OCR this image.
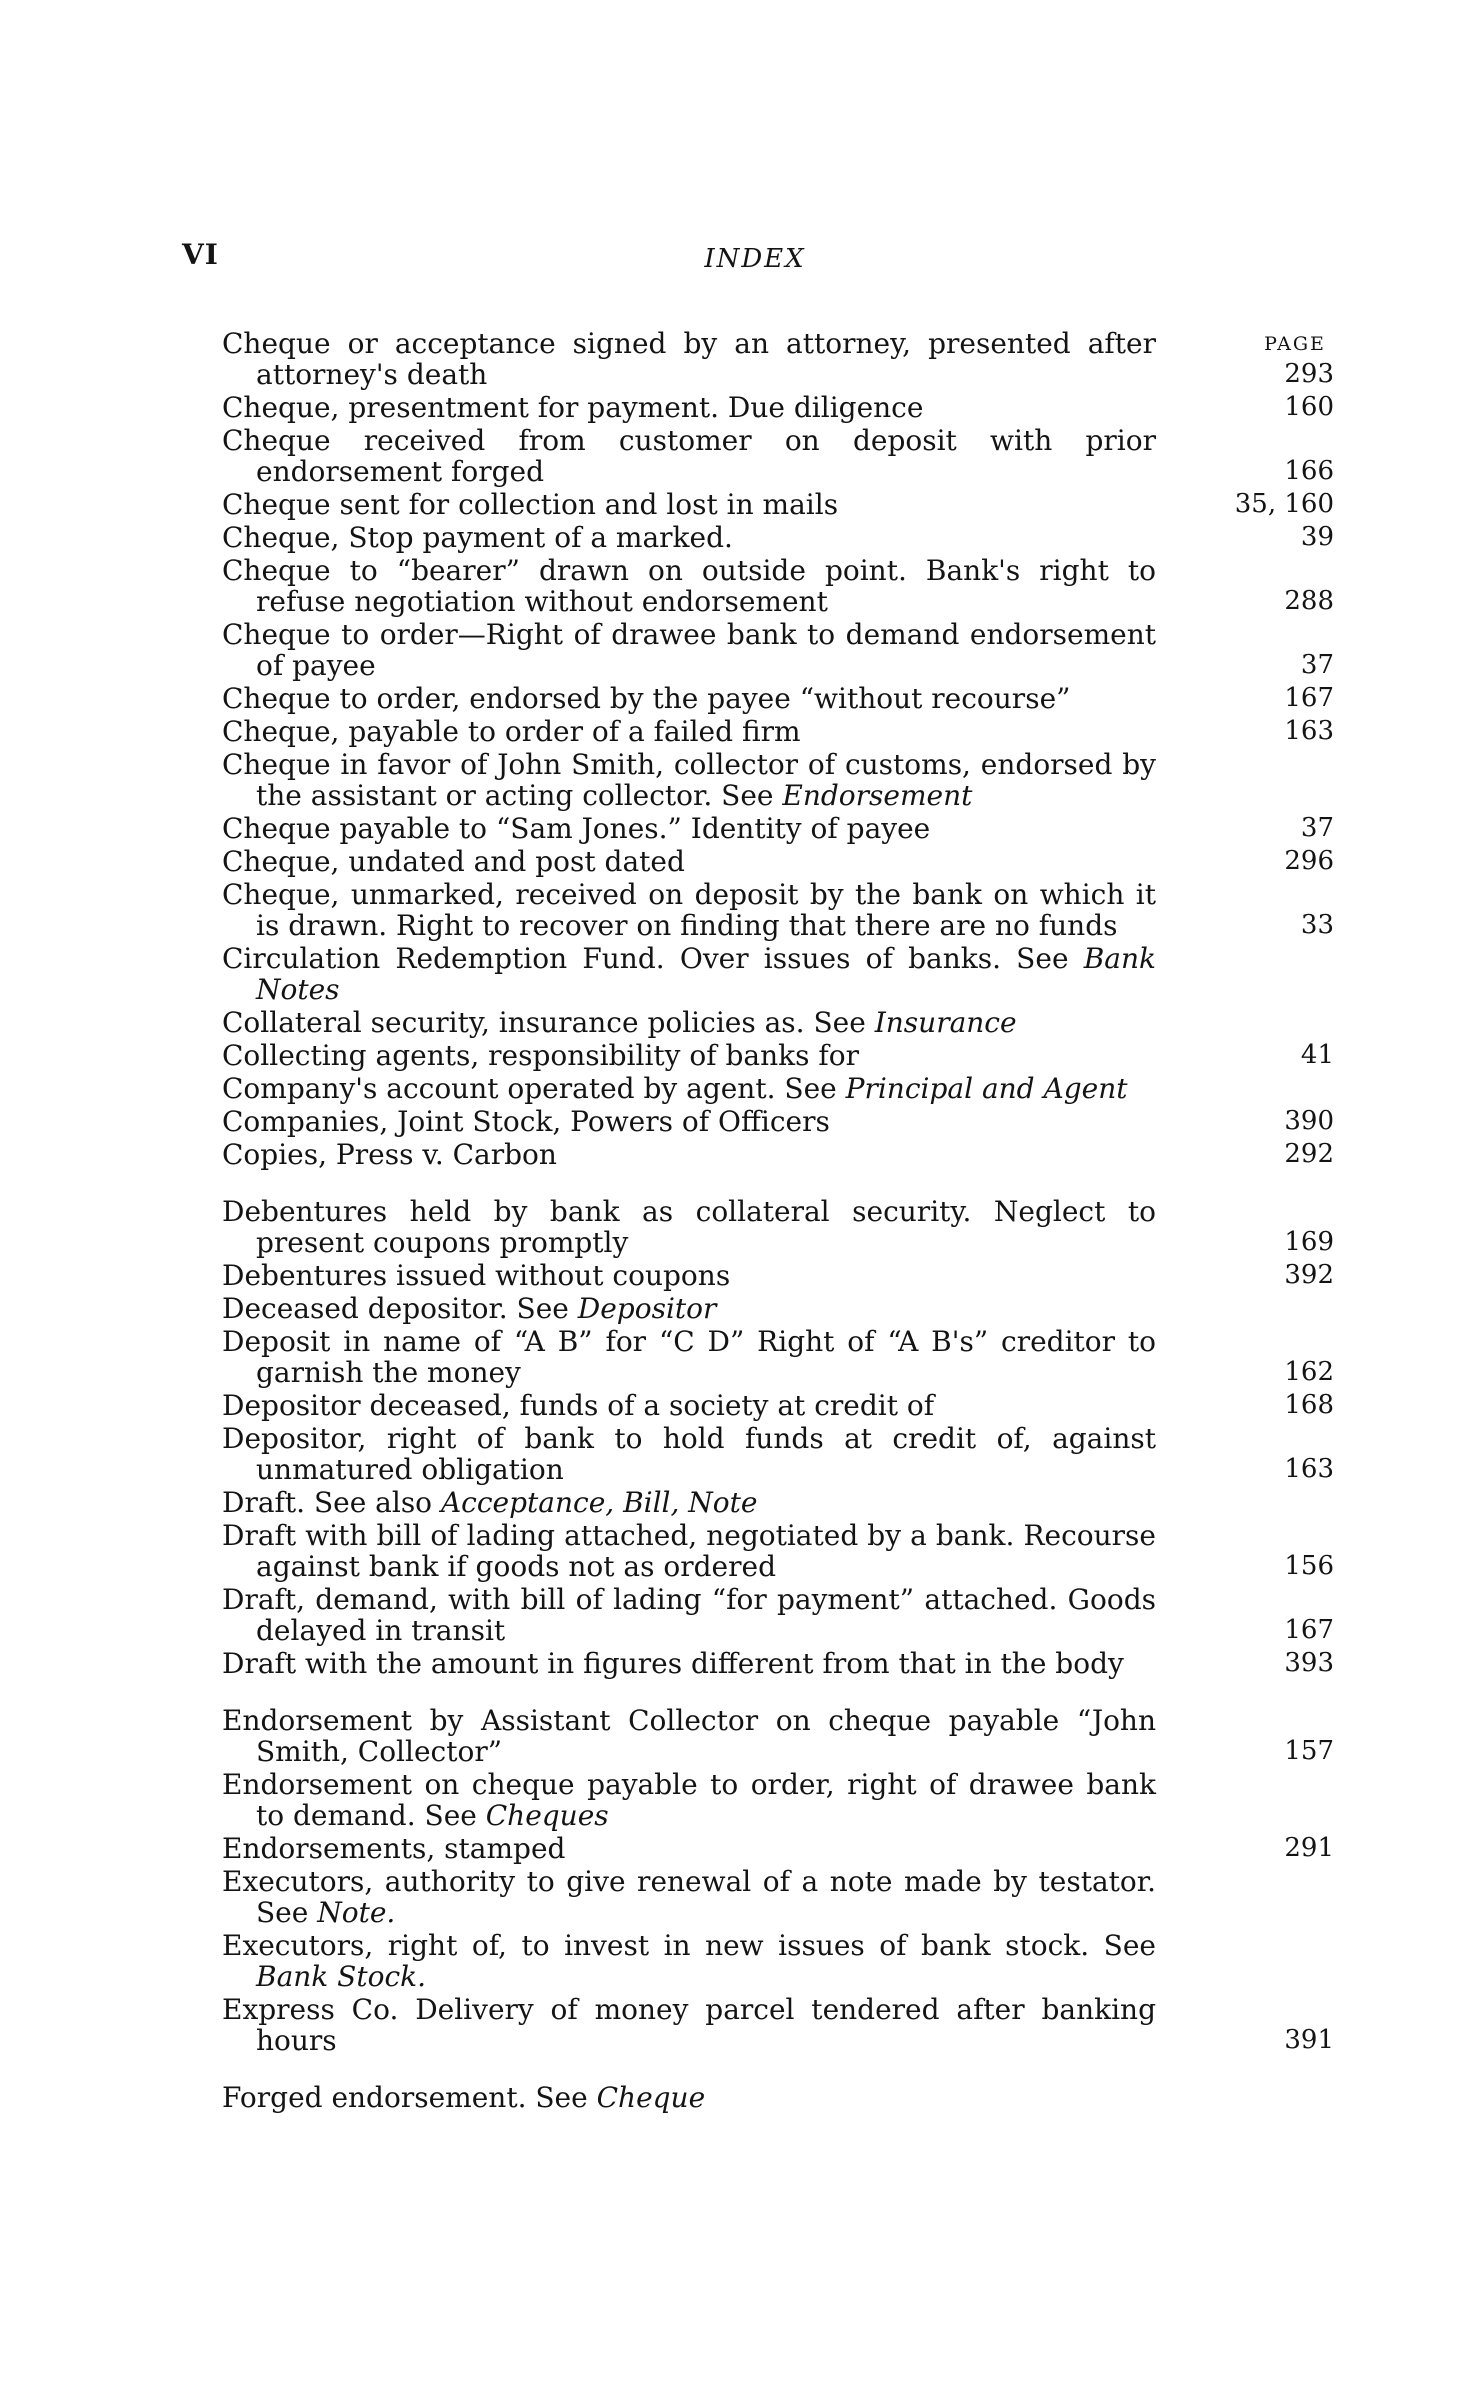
VI	INDEX
PAGE
Cheque or acceptance signed by an attorney, presented after attorney's death	293
Cheque, presentment for payment. Due diligence	160
Cheque received from customer on deposit with prior endorsement forged	166
Cheque sent for collection and lost in mails	35, 160
Cheque, Stop payment of a marked.	39
Cheque to “bearer” drawn on outside point. Bank's right to refuse negotiation without endorsement	288
Cheque to order—Right of drawee bank to demand endorsement of payee	37
Cheque to order, endorsed by the payee “without recourse”	167
Cheque, payable to order of a failed firm	163
Cheque in favor of John Smith, collector of customs, endorsed by the assistant or acting collector. See Endorsement
Cheque payable to “Sam Jones.” Identity of payee	37
Cheque, undated and post dated	296
Cheque, unmarked, received on deposit by the bank on which it is drawn. Right to recover on finding that there are no funds	33
Circulation Redemption Fund. Over issues of banks. See Bank Notes
Collateral security, insurance policies as. See Insurance
Collecting agents, responsibility of banks for	41
Company's account operated by agent. See Principal and Agent
Companies, Joint Stock, Powers of Officers	390
Copies, Press v. Carbon	292
Debentures held by bank as collateral security. Neglect to present coupons promptly	169
Debentures issued without coupons	392
Deceased depositor. See Depositor
Deposit in name of “A B” for “C D” Right of “A B's” creditor to garnish the money	162
Depositor deceased, funds of a society at credit of	168
Depositor, right of bank to hold funds at credit of, against unmatured obligation	163
Draft. See also Acceptance, Bill, Note
Draft with bill of lading attached, negotiated by a bank. Recourse against bank if goods not as ordered	156
Draft, demand, with bill of lading “for payment” attached. Goods delayed in transit	167
Draft with the amount in figures different from that in the body	393
Endorsement by Assistant Collector on cheque payable “John Smith, Collector”	157
Endorsement on cheque payable to order, right of drawee bank to demand. See Cheques
Endorsements, stamped	291
Executors, authority to give renewal of a note made by testator. See Note.
Executors, right of, to invest in new issues of bank stock. See Bank Stock.
Express Co. Delivery of money parcel tendered after banking hours	391
Forged endorsement. See Cheque
